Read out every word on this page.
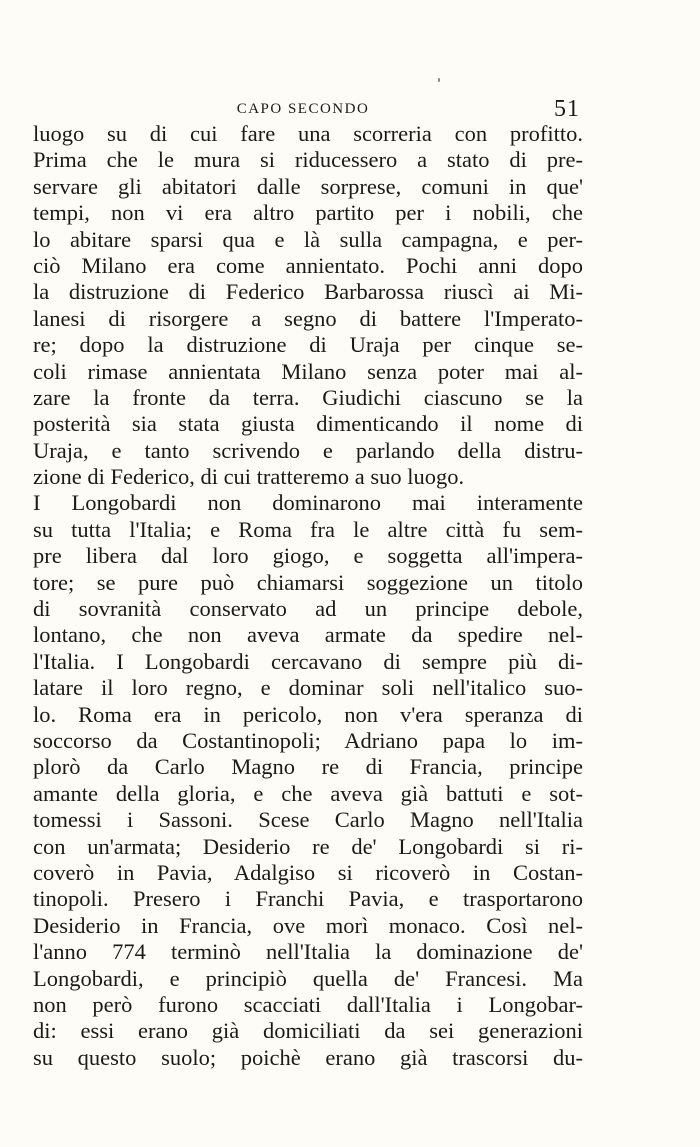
CAPO SECONDO	51
luogo su di cui fare una scorreria con profitto.
Prima che le mura si riducessero a stato di pre-
servare gli abitatori dalle sorprese, comuni in que'
tempi, non vi era altro partito per i nobili, che
lo abitare sparsi qua e là sulla campagna, e per-
ciò Milano era come annientato. Pochi anni dopo
la distruzione di Federico Barbarossa riuscì ai Mi-
lanesi di risorgere a segno di battere l'Imperato-
re; dopo la distruzione di Uraja per cinque se-
coli rimase annientata Milano senza poter mai al-
zare la fronte da terra. Giudichi ciascuno se la
posterità sia stata giusta dimenticando il nome di
Uraja, e tanto scrivendo e parlando della distru-
zione di Federico, di cui tratteremo a suo luogo.
I Longobardi non dominarono mai interamente
su tutta l'Italia; e Roma fra le altre città fu sem-
pre libera dal loro giogo, e soggetta all'impera-
tore; se pure può chiamarsi soggezione un titolo
di sovranità conservato ad un principe debole,
lontano, che non aveva armate da spedire nel-
l'Italia. I Longobardi cercavano di sempre più di-
latare il loro regno, e dominar soli nell'italico suo-
lo. Roma era in pericolo, non v'era speranza di
soccorso da Costantinopoli; Adriano papa lo im-
plorò da Carlo Magno re di Francia, principe
amante della gloria, e che aveva già battuti e sot-
tomessi i Sassoni. Scese Carlo Magno nell'Italia
con un'armata; Desiderio re de' Longobardi si ri-
coverò in Pavia, Adalgiso si ricoverò in Costan-
tinopoli. Presero i Franchi Pavia, e trasportarono
Desiderio in Francia, ove morì monaco. Così nel-
l'anno 774 terminò nell'Italia la dominazione de'
Longobardi, e principiò quella de' Francesi. Ma
non però furono scacciati dall'Italia i Longobar-
di: essi erano già domiciliati da sei generazioni
su questo suolo; poichè erano già trascorsi du-
